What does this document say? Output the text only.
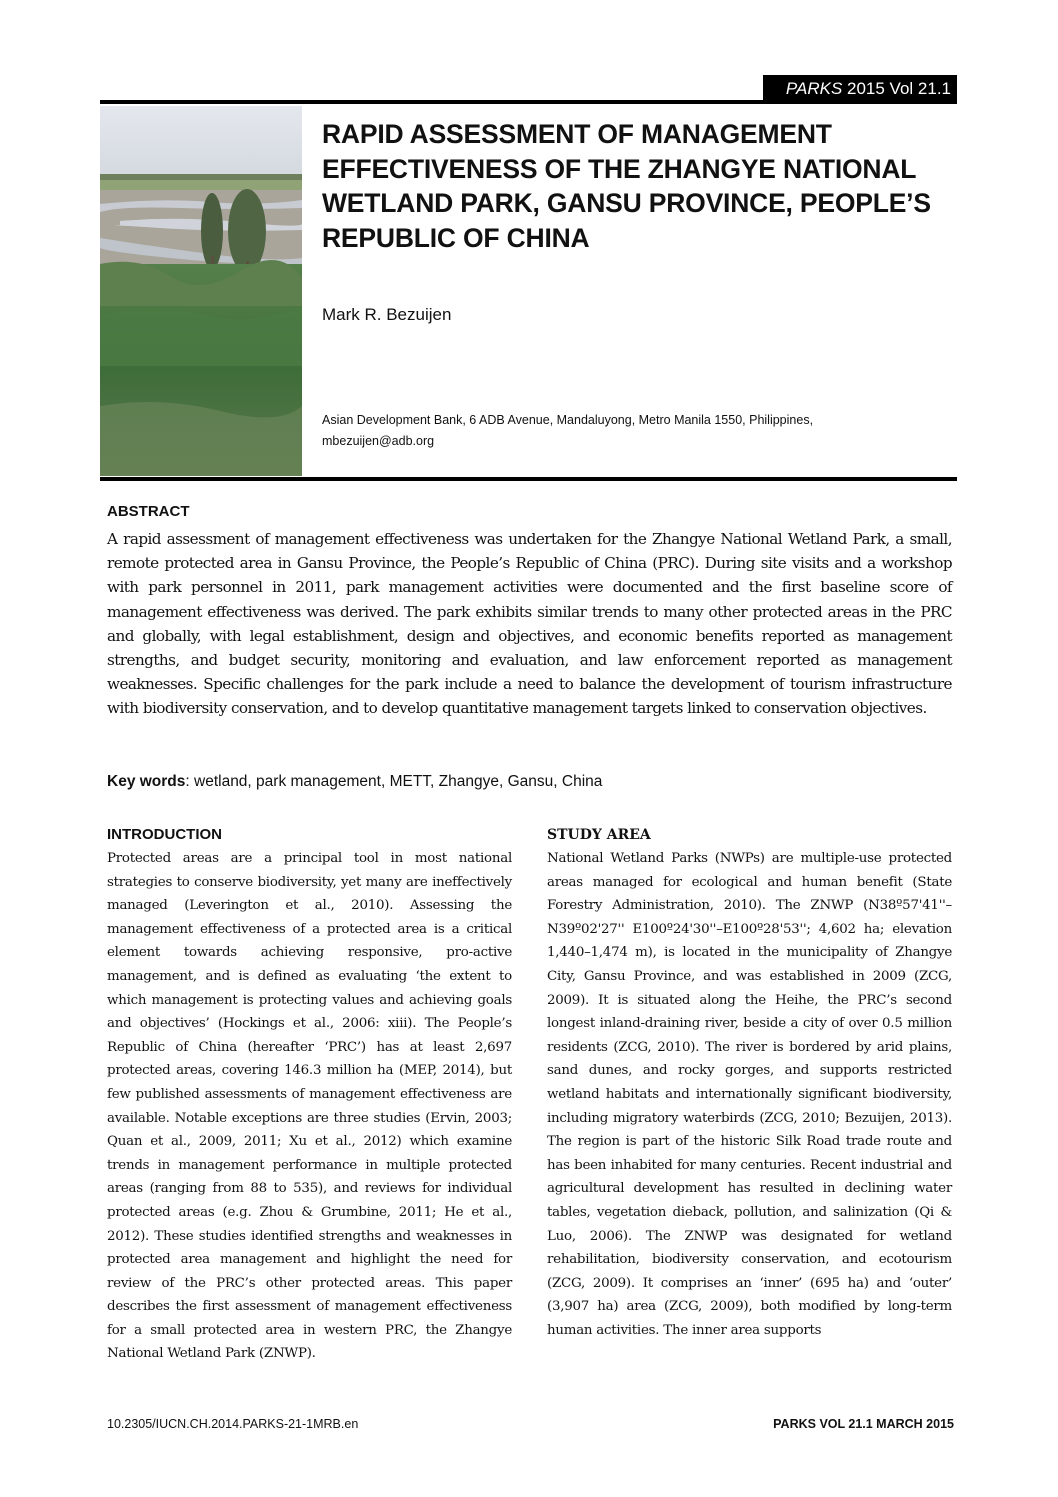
PARKS 2015 Vol 21.1
RAPID ASSESSMENT OF MANAGEMENT EFFECTIVENESS OF THE ZHANGYE NATIONAL WETLAND PARK, GANSU PROVINCE, PEOPLE’S REPUBLIC OF CHINA
Mark R. Bezuijen
Asian Development Bank, 6 ADB Avenue, Mandaluyong, Metro Manila 1550, Philippines,
mbezuijen@adb.org
ABSTRACT
A rapid assessment of management effectiveness was undertaken for the Zhangye National Wetland Park, a small, remote protected area in Gansu Province, the People’s Republic of China (PRC). During site visits and a workshop with park personnel in 2011, park management activities were documented and the first baseline score of management effectiveness was derived. The park exhibits similar trends to many other protected areas in the PRC and globally, with legal establishment, design and objectives, and economic benefits reported as management strengths, and budget security, monitoring and evaluation, and law enforcement reported as management weaknesses. Specific challenges for the park include a need to balance the development of tourism infrastructure with biodiversity conservation, and to develop quantitative management targets linked to conservation objectives.
Key words: wetland, park management, METT, Zhangye, Gansu, China
INTRODUCTION
Protected areas are a principal tool in most national strategies to conserve biodiversity, yet many are ineffectively managed (Leverington et al., 2010). Assessing the management effectiveness of a protected area is a critical element towards achieving responsive, pro-active management, and is defined as evaluating ‘the extent to which management is protecting values and achieving goals and objectives’ (Hockings et al., 2006: xiii). The People’s Republic of China (hereafter ‘PRC’) has at least 2,697 protected areas, covering 146.3 million ha (MEP, 2014), but few published assessments of management effectiveness are available. Notable exceptions are three studies (Ervin, 2003; Quan et al., 2009, 2011; Xu et al., 2012) which examine trends in management performance in multiple protected areas (ranging from 88 to 535), and reviews for individual protected areas (e.g. Zhou & Grumbine, 2011; He et al., 2012). These studies identified strengths and weaknesses in protected area management and highlight the need for review of the PRC’s other protected areas. This paper describes the first assessment of management effectiveness for a small protected area in western PRC, the Zhangye National Wetland Park (ZNWP).
STUDY AREA
National Wetland Parks (NWPs) are multiple-use protected areas managed for ecological and human benefit (State Forestry Administration, 2010). The ZNWP (N38º57'41''–N39º02'27'' E100º24'30''–E100º28'53''; 4,602 ha; elevation 1,440–1,474 m), is located in the municipality of Zhangye City, Gansu Province, and was established in 2009 (ZCG, 2009). It is situated along the Heihe, the PRC’s second longest inland-draining river, beside a city of over 0.5 million residents (ZCG, 2010). The river is bordered by arid plains, sand dunes, and rocky gorges, and supports restricted wetland habitats and internationally significant biodiversity, including migratory waterbirds (ZCG, 2010; Bezuijen, 2013). The region is part of the historic Silk Road trade route and has been inhabited for many centuries. Recent industrial and agricultural development has resulted in declining water tables, vegetation dieback, pollution, and salinization (Qi & Luo, 2006). The ZNWP was designated for wetland rehabilitation, biodiversity conservation, and ecotourism (ZCG, 2009). It comprises an ‘inner’ (695 ha) and ‘outer’ (3,907 ha) area (ZCG, 2009), both modified by long-term human activities. The inner area supports
10.2305/IUCN.CH.2014.PARKS-21-1MRB.en	PARKS VOL 21.1 MARCH 2015
